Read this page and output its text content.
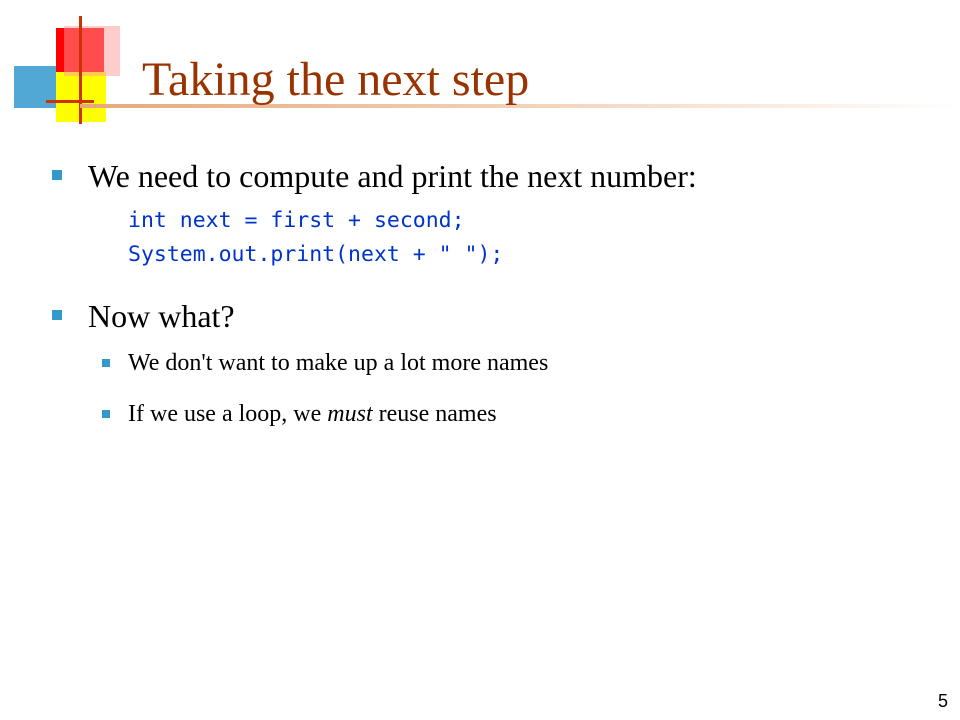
Taking the next step
We need to compute and print the next number:
int next = first + second;
System.out.print(next + " ");
Now what?
We don't want to make up a lot more names
If we use a loop, we must reuse names
5
